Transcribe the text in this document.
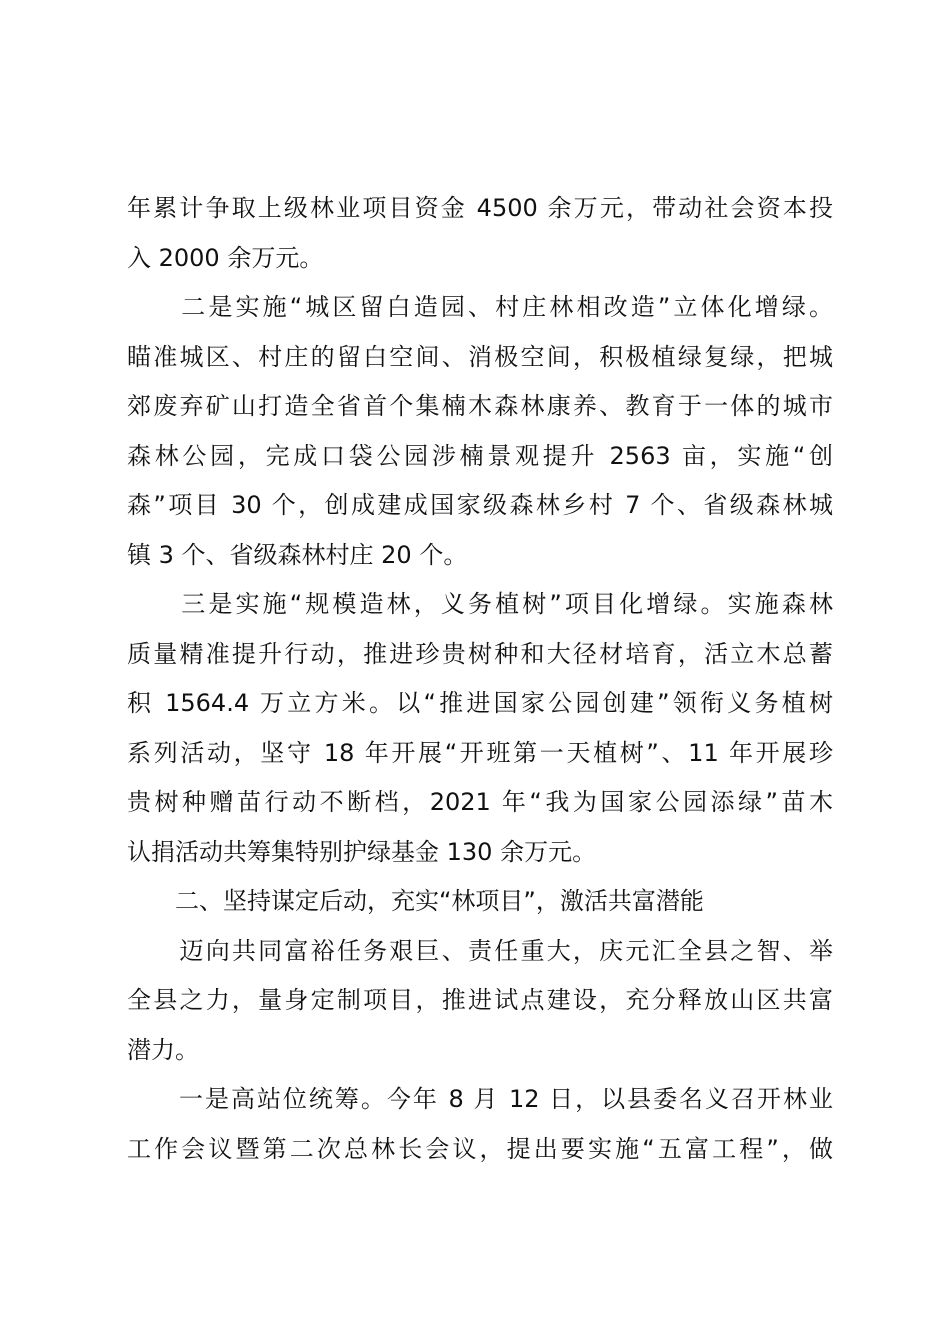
年累计争取上级林业项目资金 4500 余万元，带动社会资本投
入 2000 余万元。
　　二是实施“城区留白造园、村庄林相改造”立体化增绿。
瞄准城区、村庄的留白空间、消极空间，积极植绿复绿，把城
郊废弃矿山打造全省首个集楠木森林康养、教育于一体的城市
森林公园，完成口袋公园涉楠景观提升 2563 亩，实施“创
森”项目 30 个，创成建成国家级森林乡村 7 个、省级森林城
镇 3 个、省级森林村庄 20 个。
　　三是实施“规模造林，义务植树”项目化增绿。实施森林
质量精准提升行动，推进珍贵树种和大径材培育，活立木总蓄
积 1564.4 万立方米。以“推进国家公园创建”领衔义务植树
系列活动，坚守 18 年开展“开班第一天植树”、11 年开展珍
贵树种赠苗行动不断档，2021 年“我为国家公园添绿”苗木
认捐活动共筹集特别护绿基金 130 余万元。
　　二、坚持谋定后动，充实“林项目”，激活共富潜能
　　迈向共同富裕任务艰巨、责任重大，庆元汇全县之智、举
全县之力，量身定制项目，推进试点建设，充分释放山区共富
潜力。
　　一是高站位统筹。今年 8 月 12 日，以县委名义召开林业
工作会议暨第二次总林长会议，提出要实施“五富工程”，做
